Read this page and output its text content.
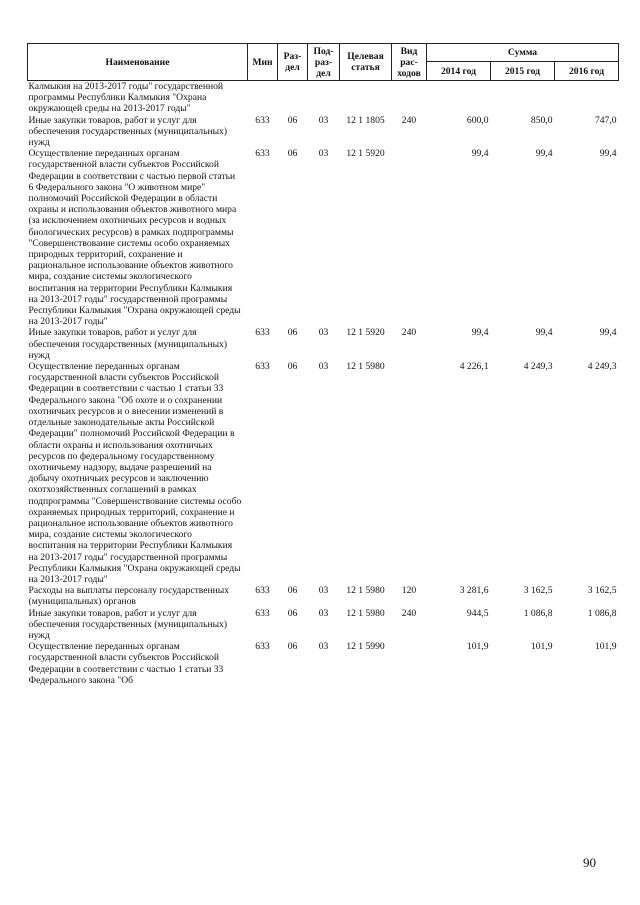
Наименование	Мин	Раз-дел	Под-раз-дел	Целевая статья	Вид рас-ходов	Сумма		
						2014 год	2015 год	2016 год
Калмыкия на 2013-2017 годы" государственной программы Республики Калмыкия "Охрана окружающей среды на 2013-2017 годы"								
Иные закупки товаров, работ и услуг для обеспечения государственных (муниципальных) нужд	633	06	03	12 1 1805	240	600,0	850,0	747,0
Осуществление переданных органам государственной власти субъектов Российской Федерации в соответствии с частью первой статьи 6 Федерального закона "О животном мире" полномочий Российской Федерации в области охраны и использования объектов животного мира (за исключением охотничьих ресурсов и водных биологических ресурсов) в рамках подпрограммы "Совершенствование системы особо охраняемых природных территорий, сохранение и рациональное использование объектов животного мира, создание системы экологического воспитания на территории Республики Калмыкия на 2013-2017 годы" государственной программы Республики Калмыкия "Охрана окружающей среды на 2013-2017 годы"	633	06	03	12 1 5920		99,4	99,4	99,4
Иные закупки товаров, работ и услуг для обеспечения государственных (муниципальных) нужд	633	06	03	12 1 5920	240	99,4	99,4	99,4
Осуществление переданных органам государственной власти субъектов Российской Федерации в соответствии с частью 1 статьи 33 Федерального закона "Об охоте и о сохранении охотничьих ресурсов и о внесении изменений в отдельные законодательные акты Российской Федерации" полномочий Российской Федерации в области охраны и использования охотничьих ресурсов по федеральному государственному охотничьему надзору, выдаче разрешений на добычу охотничьих ресурсов и заключению охотхозяйственных соглашений в рамках подпрограммы "Совершенствование системы особо охраняемых природных территорий, сохранение и рациональное использование объектов животного мира, создание системы экологического воспитания на территории Республики Калмыкия на 2013-2017 годы" государственной программы Республики Калмыкия "Охрана окружающей среды на 2013-2017 годы"	633	06	03	12 1 5980		4 226,1	4 249,3	4 249,3
Расходы на выплаты персоналу государственных (муниципальных) органов	633	06	03	12 1 5980	120	3 281,6	3 162,5	3 162,5
Иные закупки товаров, работ и услуг для обеспечения государственных (муниципальных) нужд	633	06	03	12 1 5980	240	944,5	1 086,8	1 086,8
Осуществление переданных органам государственной власти субъектов Российской Федерации в соответствии с частью 1 статьи 33 Федерального закона "Об	633	06	03	12 1 5990		101,9	101,9	101,9
90
